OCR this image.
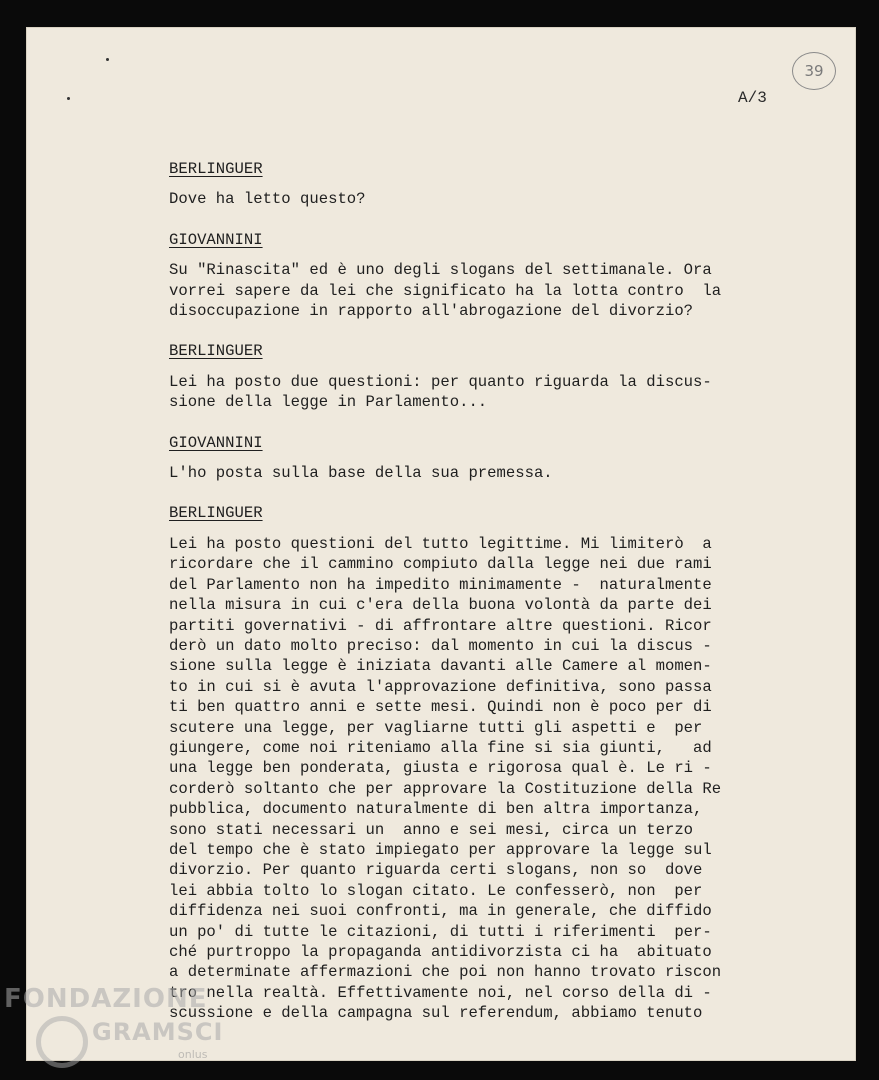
39
A/3
BERLINGUER
Dove ha letto questo?
GIOVANNINI
Su "Rinascita" ed è uno degli slogans del settimanale. Ora
vorrei sapere da lei che significato ha la lotta contro  la
disoccupazione in rapporto all'abrogazione del divorzio?
BERLINGUER
Lei ha posto due questioni: per quanto riguarda la discus-
sione della legge in Parlamento...
GIOVANNINI
L'ho posta sulla base della sua premessa.
BERLINGUER
Lei ha posto questioni del tutto legittime. Mi limiterò  a
ricordare che il cammino compiuto dalla legge nei due rami
del Parlamento non ha impedito minimamente -  naturalmente
nella misura in cui c'era della buona volontà da parte dei
partiti governativi - di affrontare altre questioni. Ricor
derò un dato molto preciso: dal momento in cui la discus -
sione sulla legge è iniziata davanti alle Camere al momen-
to in cui si è avuta l'approvazione definitiva, sono passa
ti ben quattro anni e sette mesi. Quindi non è poco per di
scutere una legge, per vagliarne tutti gli aspetti e  per
giungere, come noi riteniamo alla fine si sia giunti,   ad
una legge ben ponderata, giusta e rigorosa qual è. Le ri -
corderò soltanto che per approvare la Costituzione della Re
pubblica, documento naturalmente di ben altra importanza,
sono stati necessari un  anno e sei mesi, circa un terzo
del tempo che è stato impiegato per approvare la legge sul
divorzio. Per quanto riguarda certi slogans, non so  dove
lei abbia tolto lo slogan citato. Le confesserò, non  per
diffidenza nei suoi confronti, ma in generale, che diffido
un po' di tutte le citazioni, di tutti i riferimenti  per-
ché purtroppo la propaganda antidivorzista ci ha  abituato
a determinate affermazioni che poi non hanno trovato riscon
tro nella realtà. Effettivamente noi, nel corso della di -
scussione e della campagna sul referendum, abbiamo tenuto
FONDAZIONE
GRAMSCI
onlus
